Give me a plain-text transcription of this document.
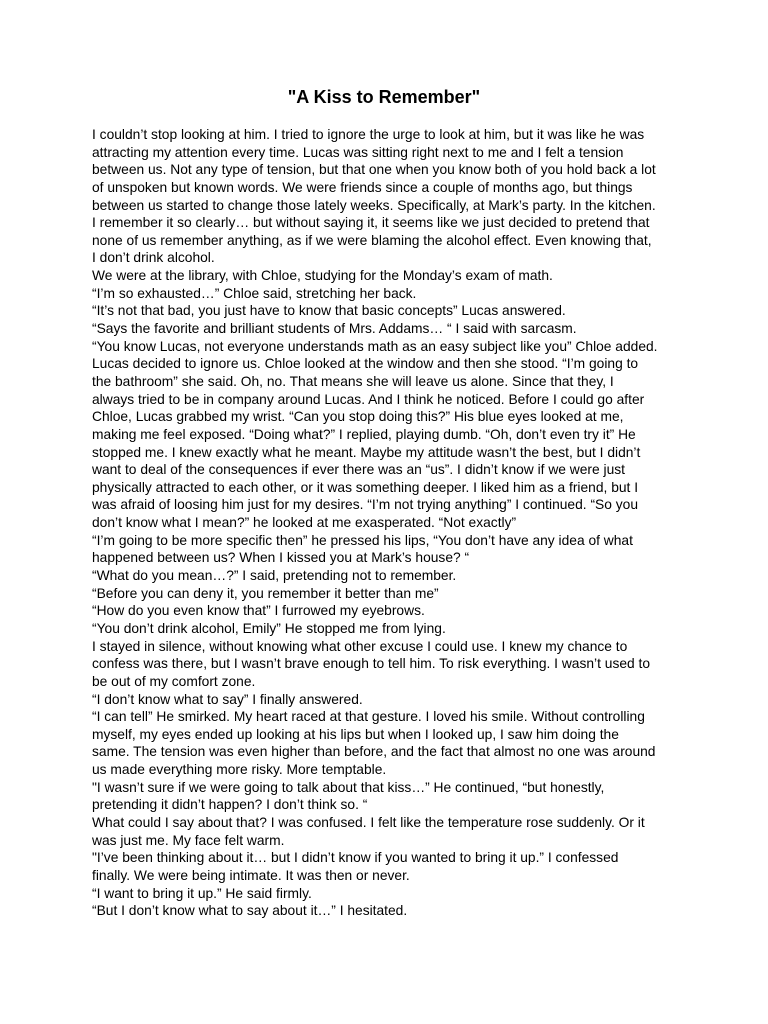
"A Kiss to Remember"
I couldn’t stop looking at him. I tried to ignore the urge to look at him, but it was like he was
attracting my attention every time. Lucas was sitting right next to me and I felt a tension
between us. Not any type of tension, but that one when you know both of you hold back a lot
of unspoken but known words. We were friends since a couple of months ago, but things
between us started to change those lately weeks. Specifically, at Mark’s party. In the kitchen.
I remember it so clearly… but without saying it, it seems like we just decided to pretend that
none of us remember anything, as if we were blaming the alcohol effect. Even knowing that,
I don’t drink alcohol.
We were at the library, with Chloe, studying for the Monday’s exam of math.
“I’m so exhausted…” Chloe said, stretching her back.
“It’s not that bad, you just have to know that basic concepts” Lucas answered.
“Says the favorite and brilliant students of Mrs. Addams… “ I said with sarcasm.
“You know Lucas, not everyone understands math as an easy subject like you” Chloe added.
Lucas decided to ignore us. Chloe looked at the window and then she stood. “I’m going to
the bathroom” she said. Oh, no. That means she will leave us alone. Since that they, I
always tried to be in company around Lucas. And I think he noticed. Before I could go after
Chloe, Lucas grabbed my wrist. “Can you stop doing this?” His blue eyes looked at me,
making me feel exposed. “Doing what?” I replied, playing dumb. “Oh, don’t even try it” He
stopped me. I knew exactly what he meant. Maybe my attitude wasn’t the best, but I didn’t
want to deal of the consequences if ever there was an “us”. I didn’t know if we were just
physically attracted to each other, or it was something deeper. I liked him as a friend, but I
was afraid of loosing him just for my desires. “I’m not trying anything” I continued. “So you
don’t know what I mean?” he looked at me exasperated. “Not exactly”
“I’m going to be more specific then” he pressed his lips, “You don’t have any idea of what
happened between us? When I kissed you at Mark’s house? “
“What do you mean…?” I said, pretending not to remember.
“Before you can deny it, you remember it better than me”
“How do you even know that” I furrowed my eyebrows.
“You don’t drink alcohol, Emily” He stopped me from lying.
I stayed in silence, without knowing what other excuse I could use. I knew my chance to
confess was there, but I wasn’t brave enough to tell him. To risk everything. I wasn’t used to
be out of my comfort zone.
“I don’t know what to say” I finally answered.
“I can tell” He smirked. My heart raced at that gesture. I loved his smile. Without controlling
myself, my eyes ended up looking at his lips but when I looked up, I saw him doing the
same. The tension was even higher than before, and the fact that almost no one was around
us made everything more risky. More temptable.
"I wasn’t sure if we were going to talk about that kiss…” He continued, “but honestly,
pretending it didn’t happen? I don’t think so. “
What could I say about that? I was confused. I felt like the temperature rose suddenly. Or it
was just me. My face felt warm.
"I’ve been thinking about it… but I didn’t know if you wanted to bring it up.” I confessed
finally. We were being intimate. It was then or never.
“I want to bring it up.” He said firmly.
“But I don’t know what to say about it…” I hesitated.
